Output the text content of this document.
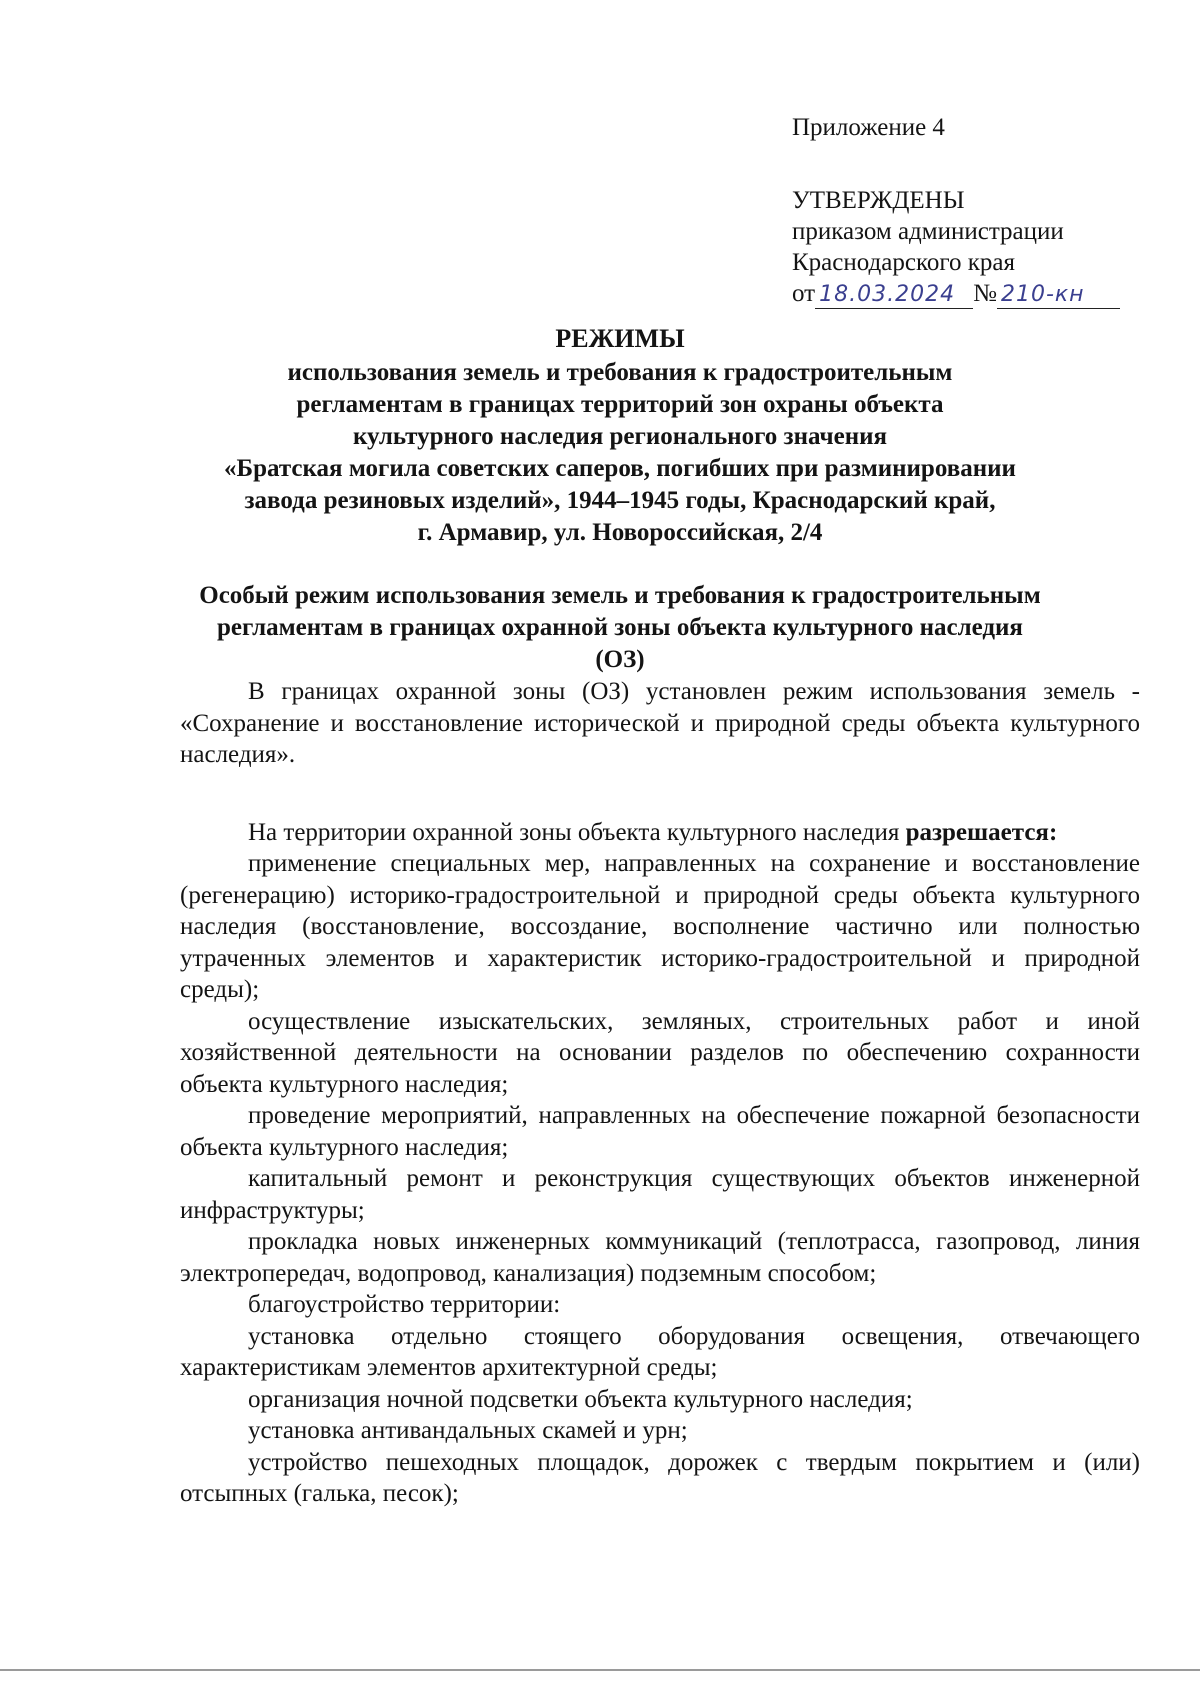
Приложение 4
УТВЕРЖДЕНЫ
приказом администрации
Краснодарского края
от 18.03.2024 № 210-кн
РЕЖИМЫ
использования земель и требования к градостроительным
регламентам в границах территорий зон охраны объекта
культурного наследия регионального значения
«Братская могила советских саперов, погибших при разминировании
завода резиновых изделий», 1944–1945 годы, Краснодарский край,
г. Армавир, ул. Новороссийская, 2/4
Особый режим использования земель и требования к градостроительным
регламентам в границах охранной зоны объекта культурного наследия
(ОЗ)

В границах охранной зоны (ОЗ) установлен режим использования земель - «Сохранение и восстановление исторической и природной среды объекта культурного наследия».

На территории охранной зоны объекта культурного наследия разрешается:

применение специальных мер, направленных на сохранение и восстановление (регенерацию) историко-градостроительной и природной среды объекта культурного наследия (восстановление, воссоздание, восполнение частично или полностью утраченных элементов и характеристик историко-градостроительной и природной среды);

осуществление изыскательских, земляных, строительных работ и иной хозяйственной деятельности на основании разделов по обеспечению сохранности объекта культурного наследия;

проведение мероприятий, направленных на обеспечение пожарной безопасности объекта культурного наследия;

капитальный ремонт и реконструкция существующих объектов инженерной инфраструктуры;

прокладка новых инженерных коммуникаций (теплотрасса, газопровод, линия электропередач, водопровод, канализация) подземным способом;

благоустройство территории:

установка отдельно стоящего оборудования освещения, отвечающего характеристикам элементов архитектурной среды;

организация ночной подсветки объекта культурного наследия;

установка антивандальных скамей и урн;

устройство пешеходных площадок, дорожек с твердым покрытием и (или) отсыпных (галька, песок);
